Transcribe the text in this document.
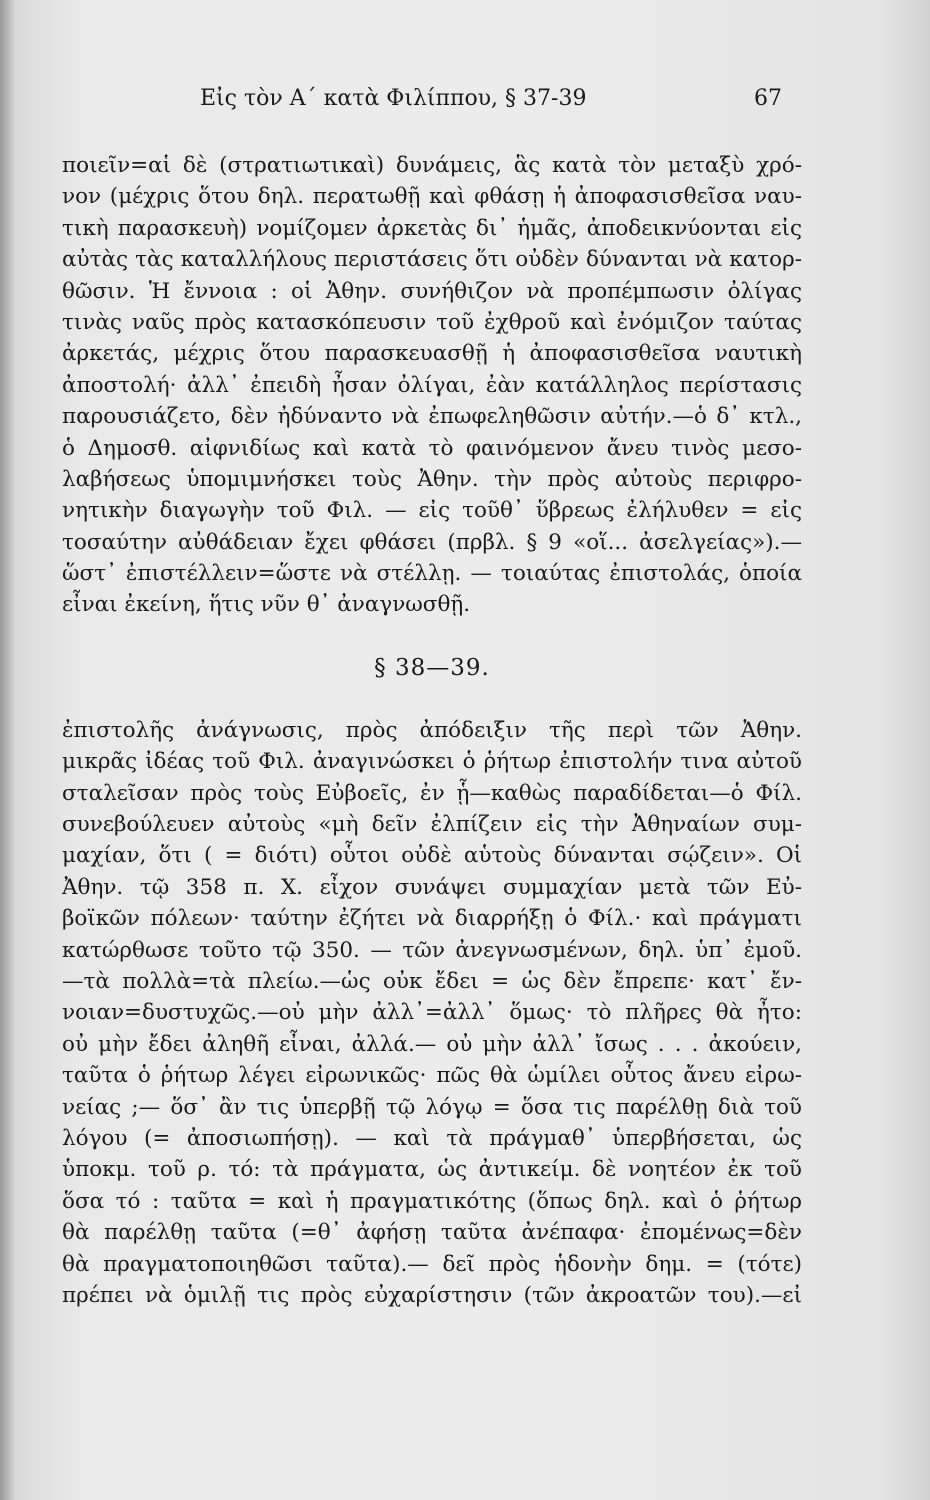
Εἰς τὸν Α΄ κατὰ Φιλίππου, § 37-39	67
ποιεῖν=αἱ δὲ (στρατιωτικαὶ) δυνάμεις, ἃς κατὰ τὸν μεταξὺ χρό-
νον (μέχρις ὅτου δηλ. περατωθῇ καὶ φθάσῃ ἡ ἀποφασισθεῖσα ναυ-
τικὴ παρασκευὴ) νομίζομεν ἀρκετὰς δι᾽ ἡμᾶς, ἀποδεικνύονται εἰς
αὐτὰς τὰς καταλλήλους περιστάσεις ὅτι οὐδὲν δύνανται νὰ κατορ-
θῶσιν. Ἡ ἔννοια : οἱ Ἀθην. συνήθιζον νὰ προπέμπωσιν ὀλίγας
τινὰς ναῦς πρὸς κατασκόπευσιν τοῦ ἐχθροῦ καὶ ἐνόμιζον ταύτας
ἀρκετάς, μέχρις ὅτου παρασκευασθῇ ἡ ἀποφασισθεῖσα ναυτικὴ
ἀποστολή· ἀλλ᾽ ἐπειδὴ ἦσαν ὀλίγαι, ἐὰν κατάλληλος περίστασις
παρουσιάζετο, δὲν ἠδύναντο νὰ ἐπωφεληθῶσιν αὐτήν.—ὁ δ᾽ κτλ.,
ὁ Δημοσθ. αἰφνιδίως καὶ κατὰ τὸ φαινόμενον ἄνευ τινὸς μεσο-
λαβήσεως ὑπομιμνήσκει τοὺς Ἀθην. τὴν πρὸς αὐτοὺς περιφρο-
νητικὴν διαγωγὴν τοῦ Φιλ. — εἰς τοῦθ᾽ ὕβρεως ἐλήλυθεν = εἰς
τοσαύτην αὐθάδειαν ἔχει φθάσει (πρβλ. § 9 «οἵ... ἀσελγείας»).—
ὥστ᾽ ἐπιστέλλειν=ὥστε νὰ στέλλῃ. — τοιαύτας ἐπιστολάς, ὁποία
εἶναι ἐκείνη, ἥτις νῦν θ᾽ ἀναγνωσθῇ.
§ 38—39.
ἐπιστολῆς ἀνάγνωσις, πρὸς ἀπόδειξιν τῆς περὶ τῶν Ἀθην.
μικρᾶς ἰδέας τοῦ Φιλ. ἀναγινώσκει ὁ ῥήτωρ ἐπιστολήν τινα αὐτοῦ
σταλεῖσαν πρὸς τοὺς Εὐβοεῖς, ἐν ᾗ—καθὼς παραδίδεται—ὁ Φίλ.
συνεβούλευεν αὐτοὺς «μὴ δεῖν ἐλπίζειν εἰς τὴν Ἀθηναίων συμ-
μαχίαν, ὅτι ( = διότι) οὗτοι οὐδὲ αὑτοὺς δύνανται σῴζειν». Οἱ
Ἀθην. τῷ 358 π. Χ. εἶχον συνάψει συμμαχίαν μετὰ τῶν Εὐ-
βοϊκῶν πόλεων· ταύτην ἐζήτει νὰ διαρρήξῃ ὁ Φίλ.· καὶ πράγματι
κατώρθωσε τοῦτο τῷ 350. — τῶν ἀνεγνωσμένων, δηλ. ὑπ᾽ ἐμοῦ.
—τὰ πολλὰ=τὰ πλείω.—ὡς οὐκ ἔδει = ὡς δὲν ἔπρεπε· κατ᾽ ἔν-
νοιαν=δυστυχῶς.—οὐ μὴν ἀλλ᾽=ἀλλ᾽ ὅμως· τὸ πλῆρες θὰ ἦτο:
οὐ μὴν ἔδει ἀληθῆ εἶναι, ἀλλά.— οὐ μὴν ἀλλ᾽ ἴσως . . . ἀκούειν,
ταῦτα ὁ ῥήτωρ λέγει εἰρωνικῶς· πῶς θὰ ὡμίλει οὗτος ἄνευ εἰρω-
νείας ;— ὅσ᾽ ἂν τις ὑπερβῇ τῷ λόγῳ = ὅσα τις παρέλθῃ διὰ τοῦ
λόγου (= ἀποσιωπήσῃ). — καὶ τὰ πράγμαθ᾽ ὑπερβήσεται, ὡς
ὑποκμ. τοῦ ρ. τό: τὰ πράγματα, ὡς ἀντικείμ. δὲ νοητέον ἐκ τοῦ
ὅσα τό : ταῦτα = καὶ ἡ πραγματικότης (ὅπως δηλ. καὶ ὁ ῥήτωρ
θὰ παρέλθῃ ταῦτα (=θ᾽ ἀφήσῃ ταῦτα ἀνέπαφα· ἐπομένως=δὲν
θὰ πραγματοποιηθῶσι ταῦτα).— δεῖ πρὸς ἡδονὴν δημ. = (τότε)
πρέπει νὰ ὁμιλῇ τις πρὸς εὐχαρίστησιν (τῶν ἀκροατῶν του).—εἰ
